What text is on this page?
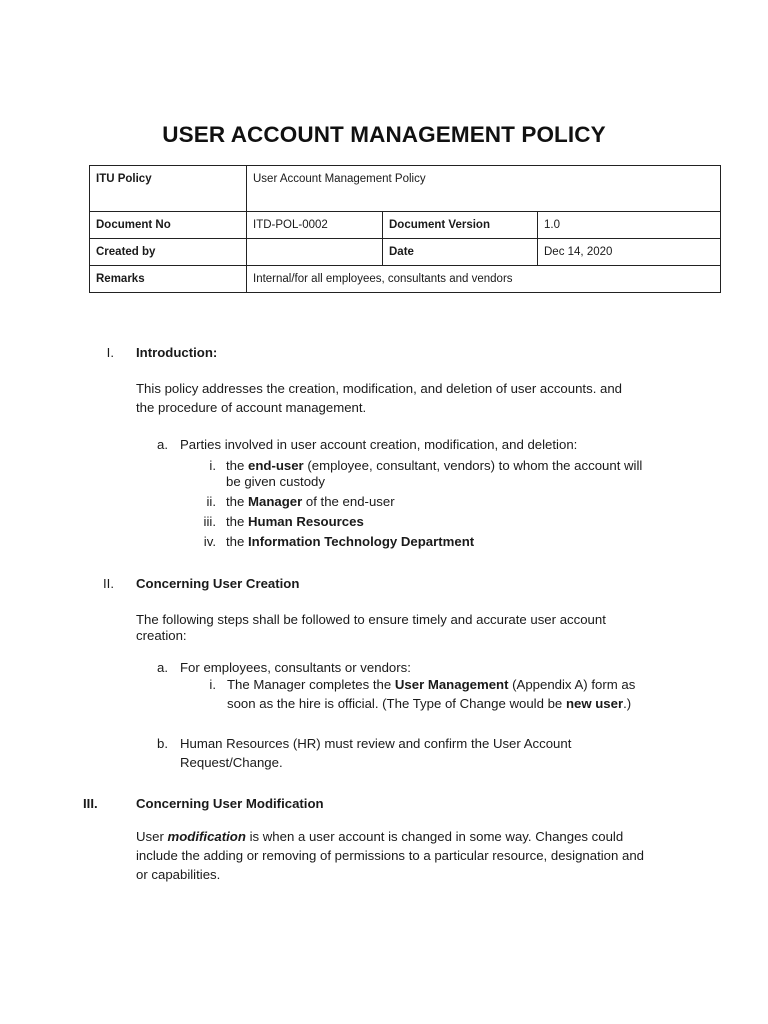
USER ACCOUNT MANAGEMENT POLICY
ITU Policy	User Account Management Policy		
Document No	ITD-POL-0002	Document Version	1.0
Created by		Date	Dec 14, 2020
Remarks	Internal/for all employees, consultants and vendors		
I. Introduction:
This policy addresses the creation, modification, and deletion of user accounts. and
the procedure of account management.
a. Parties involved in user account creation, modification, and deletion:
i. the end-user (employee, consultant, vendors) to whom the account will
be given custody
ii. the Manager of the end-user
iii. the Human Resources
iv. the Information Technology Department
II. Concerning User Creation
The following steps shall be followed to ensure timely and accurate user account
creation:
a. For employees, consultants or vendors:
i. The Manager completes the User Management (Appendix A) form as
soon as the hire is official. (The Type of Change would be new user.)
b. Human Resources (HR) must review and confirm the User Account
Request/Change.
III.	Concerning User Modification
User modification is when a user account is changed in some way. Changes could
include the adding or removing of permissions to a particular resource, designation and
or capabilities.
